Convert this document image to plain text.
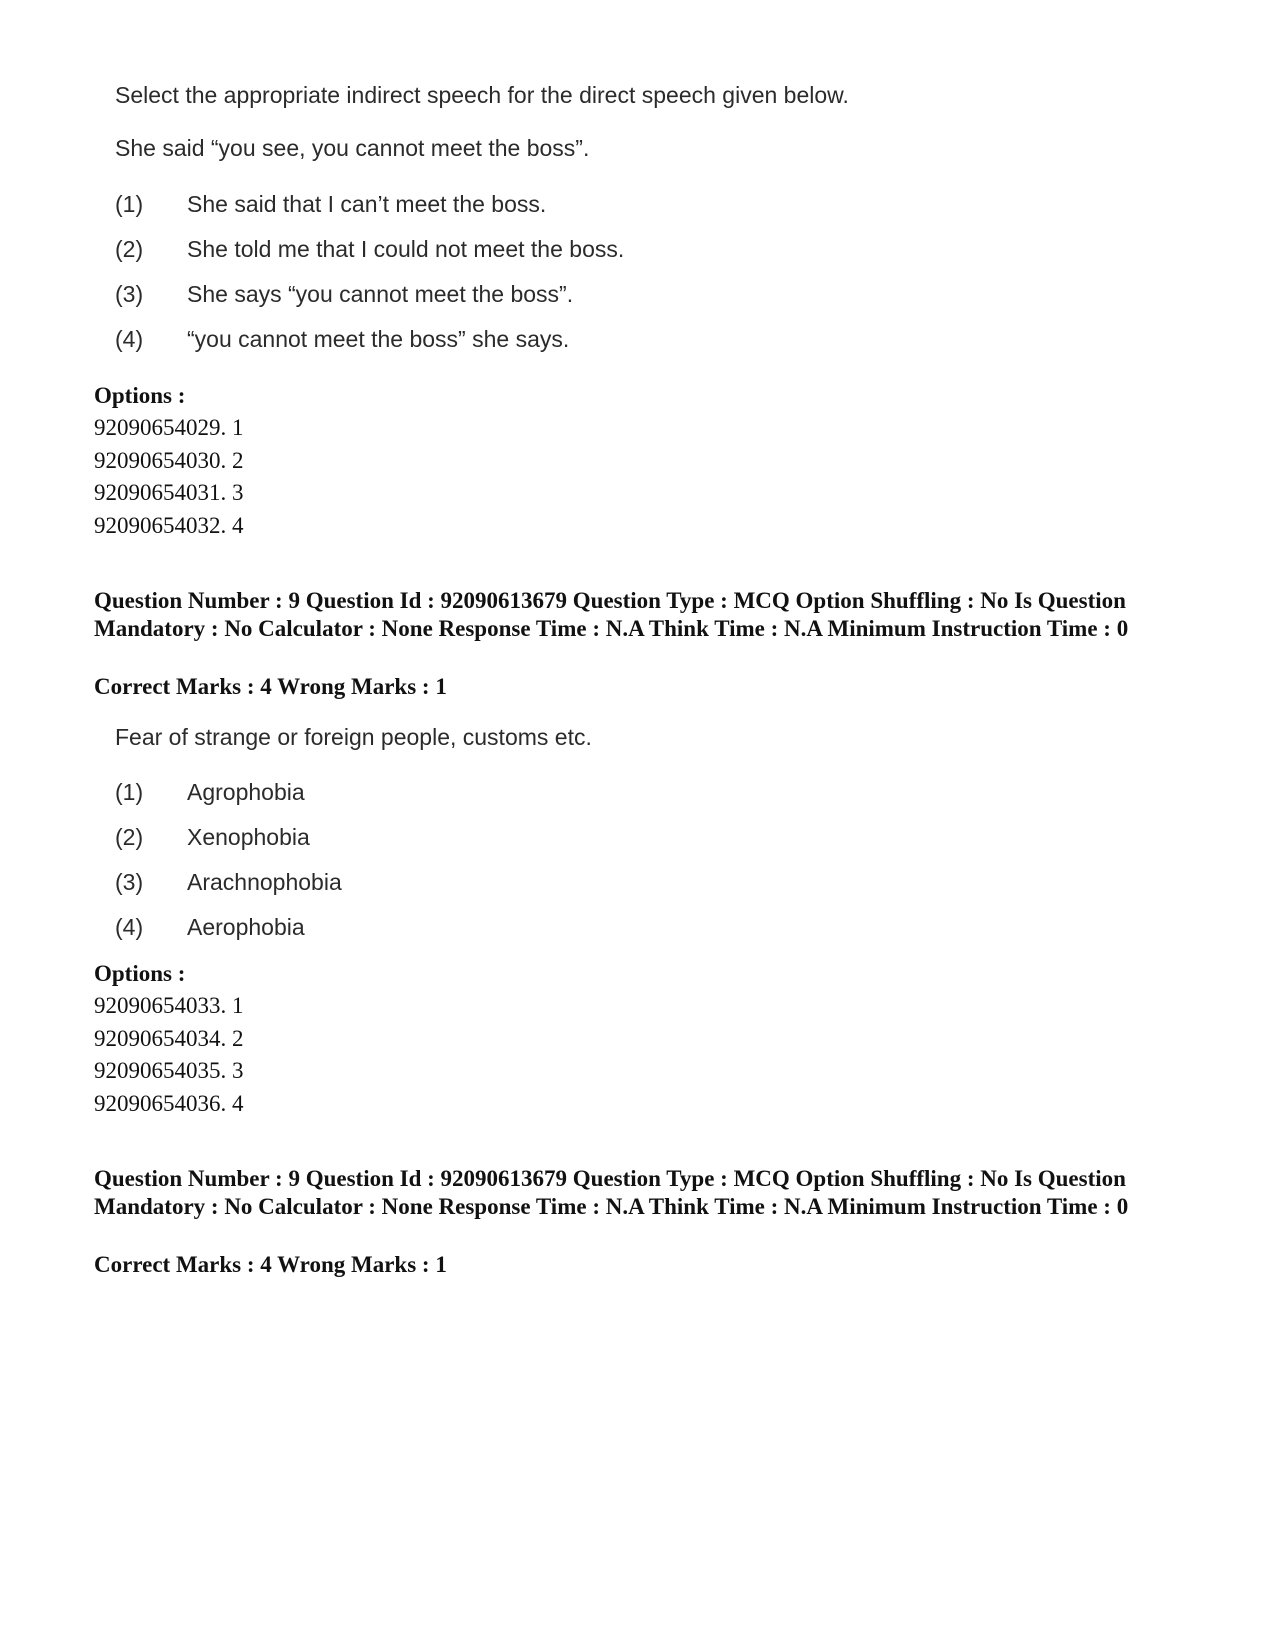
Select the appropriate indirect speech for the direct speech given below.
She said “you see, you cannot meet the boss”.
(1) She said that I can’t meet the boss.
(2) She told me that I could not meet the boss.
(3) She says “you cannot meet the boss”.
(4) “you cannot meet the boss” she says.
Options :
92090654029. 1
92090654030. 2
92090654031. 3
92090654032. 4
Question Number : 9 Question Id : 92090613679 Question Type : MCQ Option Shuffling : No Is Question Mandatory : No Calculator : None Response Time : N.A Think Time : N.A Minimum Instruction Time : 0
Correct Marks : 4 Wrong Marks : 1
Fear of strange or foreign people, customs etc.
(1) Agrophobia
(2) Xenophobia
(3) Arachnophobia
(4) Aerophobia
Options :
92090654033. 1
92090654034. 2
92090654035. 3
92090654036. 4
Question Number : 9 Question Id : 92090613679 Question Type : MCQ Option Shuffling : No Is Question Mandatory : No Calculator : None Response Time : N.A Think Time : N.A Minimum Instruction Time : 0
Correct Marks : 4 Wrong Marks : 1
